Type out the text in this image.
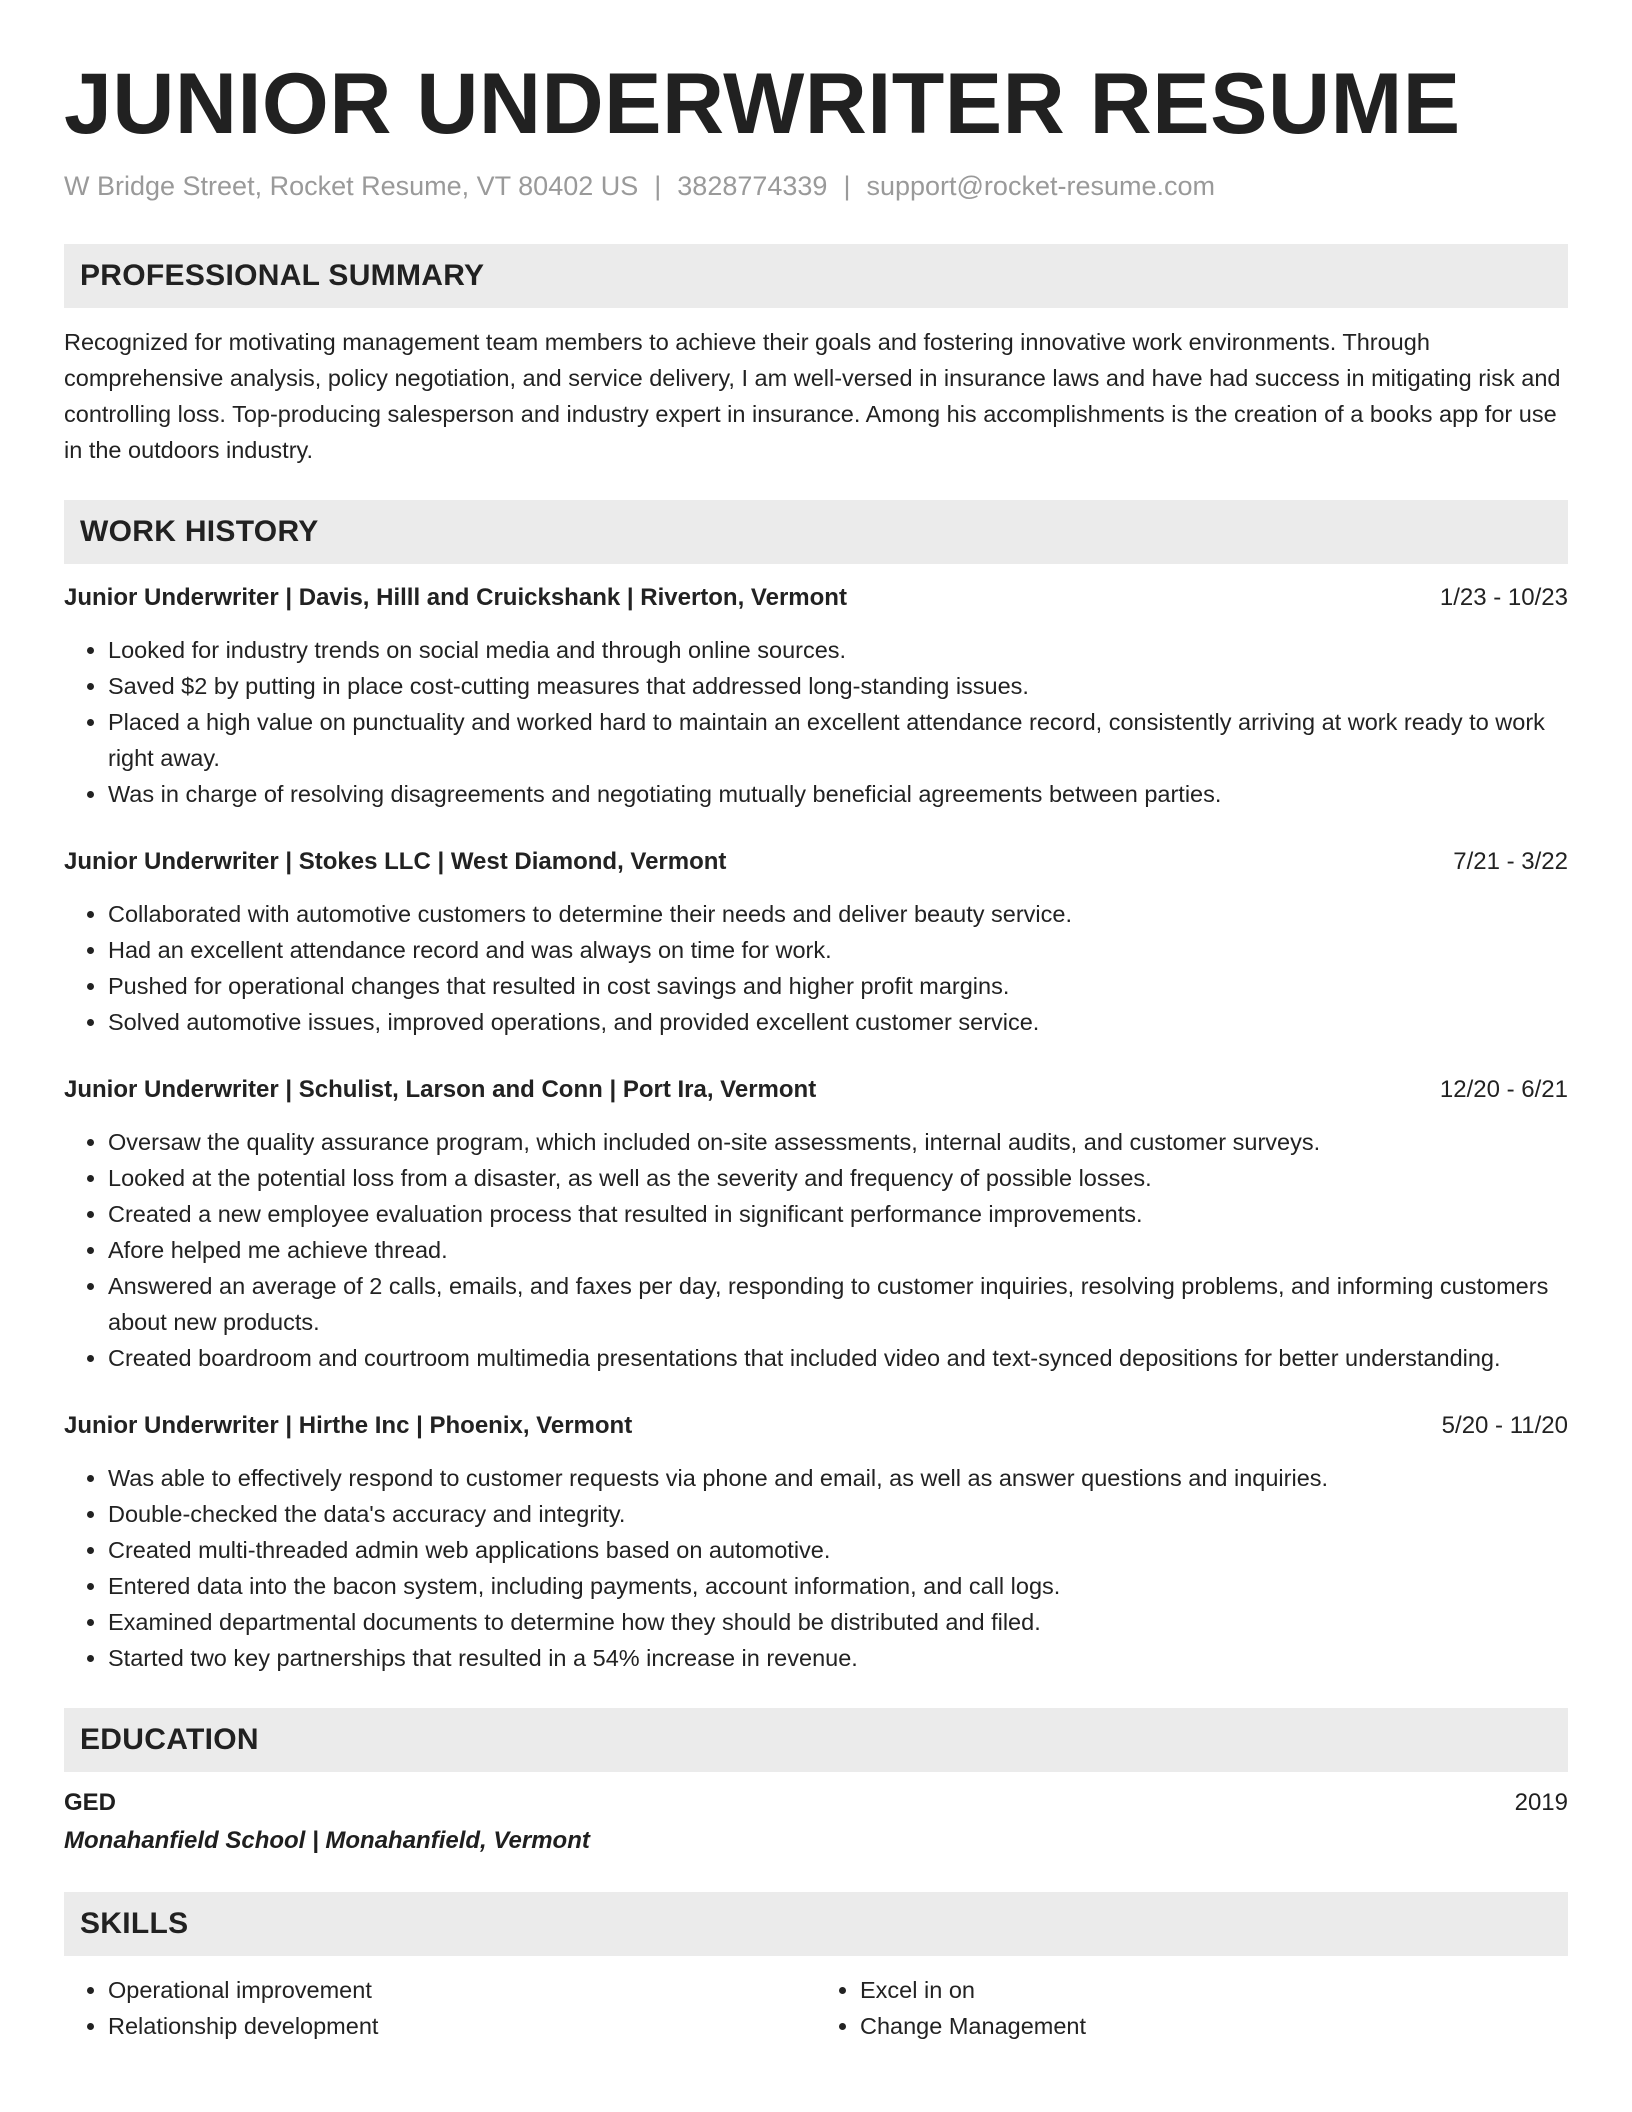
JUNIOR UNDERWRITER RESUME
W Bridge Street, Rocket Resume, VT 80402 US | 3828774339 | support@rocket-resume.com
PROFESSIONAL SUMMARY

Recognized for motivating management team members to achieve their goals and fostering innovative work environments. Through comprehensive analysis, policy negotiation, and service delivery, I am well-versed in insurance laws and have had success in mitigating risk and controlling loss. Top-producing salesperson and industry expert in insurance. Among his accomplishments is the creation of a books app for use in the outdoors industry.

WORK HISTORY
Junior Underwriter | Davis, Hilll and Cruickshank | Riverton, Vermont	1/23 - 10/23
• Looked for industry trends on social media and through online sources.
• Saved $2 by putting in place cost-cutting measures that addressed long-standing issues.
• Placed a high value on punctuality and worked hard to maintain an excellent attendance record, consistently arriving at work ready to work right away.
• Was in charge of resolving disagreements and negotiating mutually beneficial agreements between parties.
Junior Underwriter | Stokes LLC | West Diamond, Vermont	7/21 - 3/22
• Collaborated with automotive customers to determine their needs and deliver beauty service.
• Had an excellent attendance record and was always on time for work.
• Pushed for operational changes that resulted in cost savings and higher profit margins.
• Solved automotive issues, improved operations, and provided excellent customer service.
Junior Underwriter | Schulist, Larson and Conn | Port Ira, Vermont	12/20 - 6/21
• Oversaw the quality assurance program, which included on-site assessments, internal audits, and customer surveys.
• Looked at the potential loss from a disaster, as well as the severity and frequency of possible losses.
• Created a new employee evaluation process that resulted in significant performance improvements.
• Afore helped me achieve thread.
• Answered an average of 2 calls, emails, and faxes per day, responding to customer inquiries, resolving problems, and informing customers about new products.
• Created boardroom and courtroom multimedia presentations that included video and text-synced depositions for better understanding.
Junior Underwriter | Hirthe Inc | Phoenix, Vermont	5/20 - 11/20
• Was able to effectively respond to customer requests via phone and email, as well as answer questions and inquiries.
• Double-checked the data's accuracy and integrity.
• Created multi-threaded admin web applications based on automotive.
• Entered data into the bacon system, including payments, account information, and call logs.
• Examined departmental documents to determine how they should be distributed and filed.
• Started two key partnerships that resulted in a 54% increase in revenue.
EDUCATION
GED	2019
Monahanfield School | Monahanfield, Vermont
SKILLS
• Operational improvement
• Relationship development
• Excel in on
• Change Management
